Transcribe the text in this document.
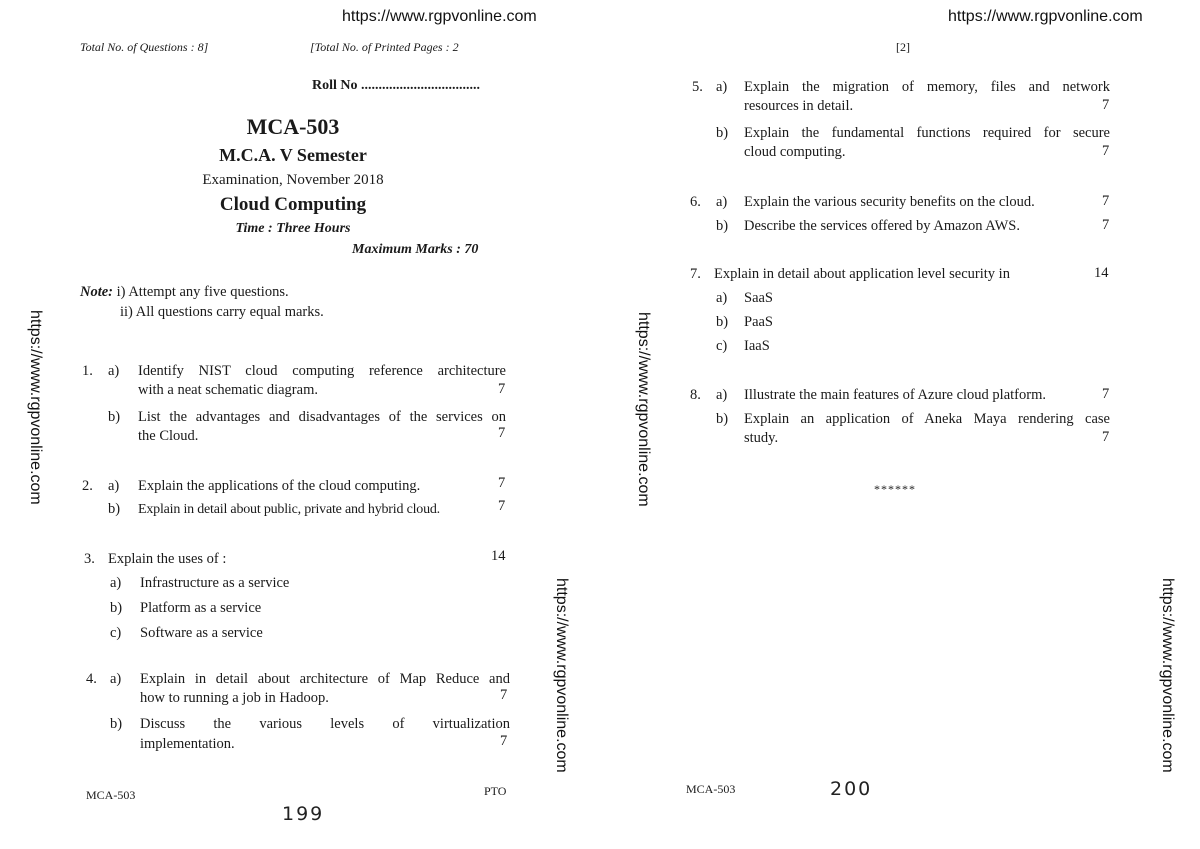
https://www.rgpvonline.com
Total No. of Questions : 8]	[Total No. of Printed Pages : 2
Roll No ..................................
MCA-503
M.C.A. V Semester
Examination, November 2018
Cloud Computing
Time : Three Hours
Maximum Marks : 70
Note: i) Attempt any five questions.
ii) All questions carry equal marks.
1. a) Identify NIST cloud computing reference architecture
with a neat schematic diagram.	7
b) List the advantages and disadvantages of the services on
the Cloud.	7
2. a) Explain the applications of the cloud computing.	7
b) Explain in detail about public, private and hybrid cloud.	7
3. Explain the uses of :	14
a) Infrastructure as a service
b) Platform as a service
c) Software as a service
4. a) Explain in detail about architecture of Map Reduce and
how to running a job in Hadoop.	7
b) Discuss the various levels of virtualization
implementation.	7
MCA-503	PTO
199
https://www.rgpvonline.com
https://www.rgpvonline.com
https://www.rgpvonline.com
[2]
5. a) Explain the migration of memory, files and network
resources in detail.	7
b) Explain the fundamental functions required for secure
cloud computing.	7
6. a) Explain the various security benefits on the cloud.	7
b) Describe the services offered by Amazon AWS.	7
7. Explain in detail about application level security in	14
a) SaaS
b) PaaS
c) IaaS
8. a) Illustrate the main features of Azure cloud platform.	7
b) Explain an application of Aneka Maya rendering case
study.	7
******
MCA-503	200
https://www.rgpvonline.com
https://www.rgpvonline.com
